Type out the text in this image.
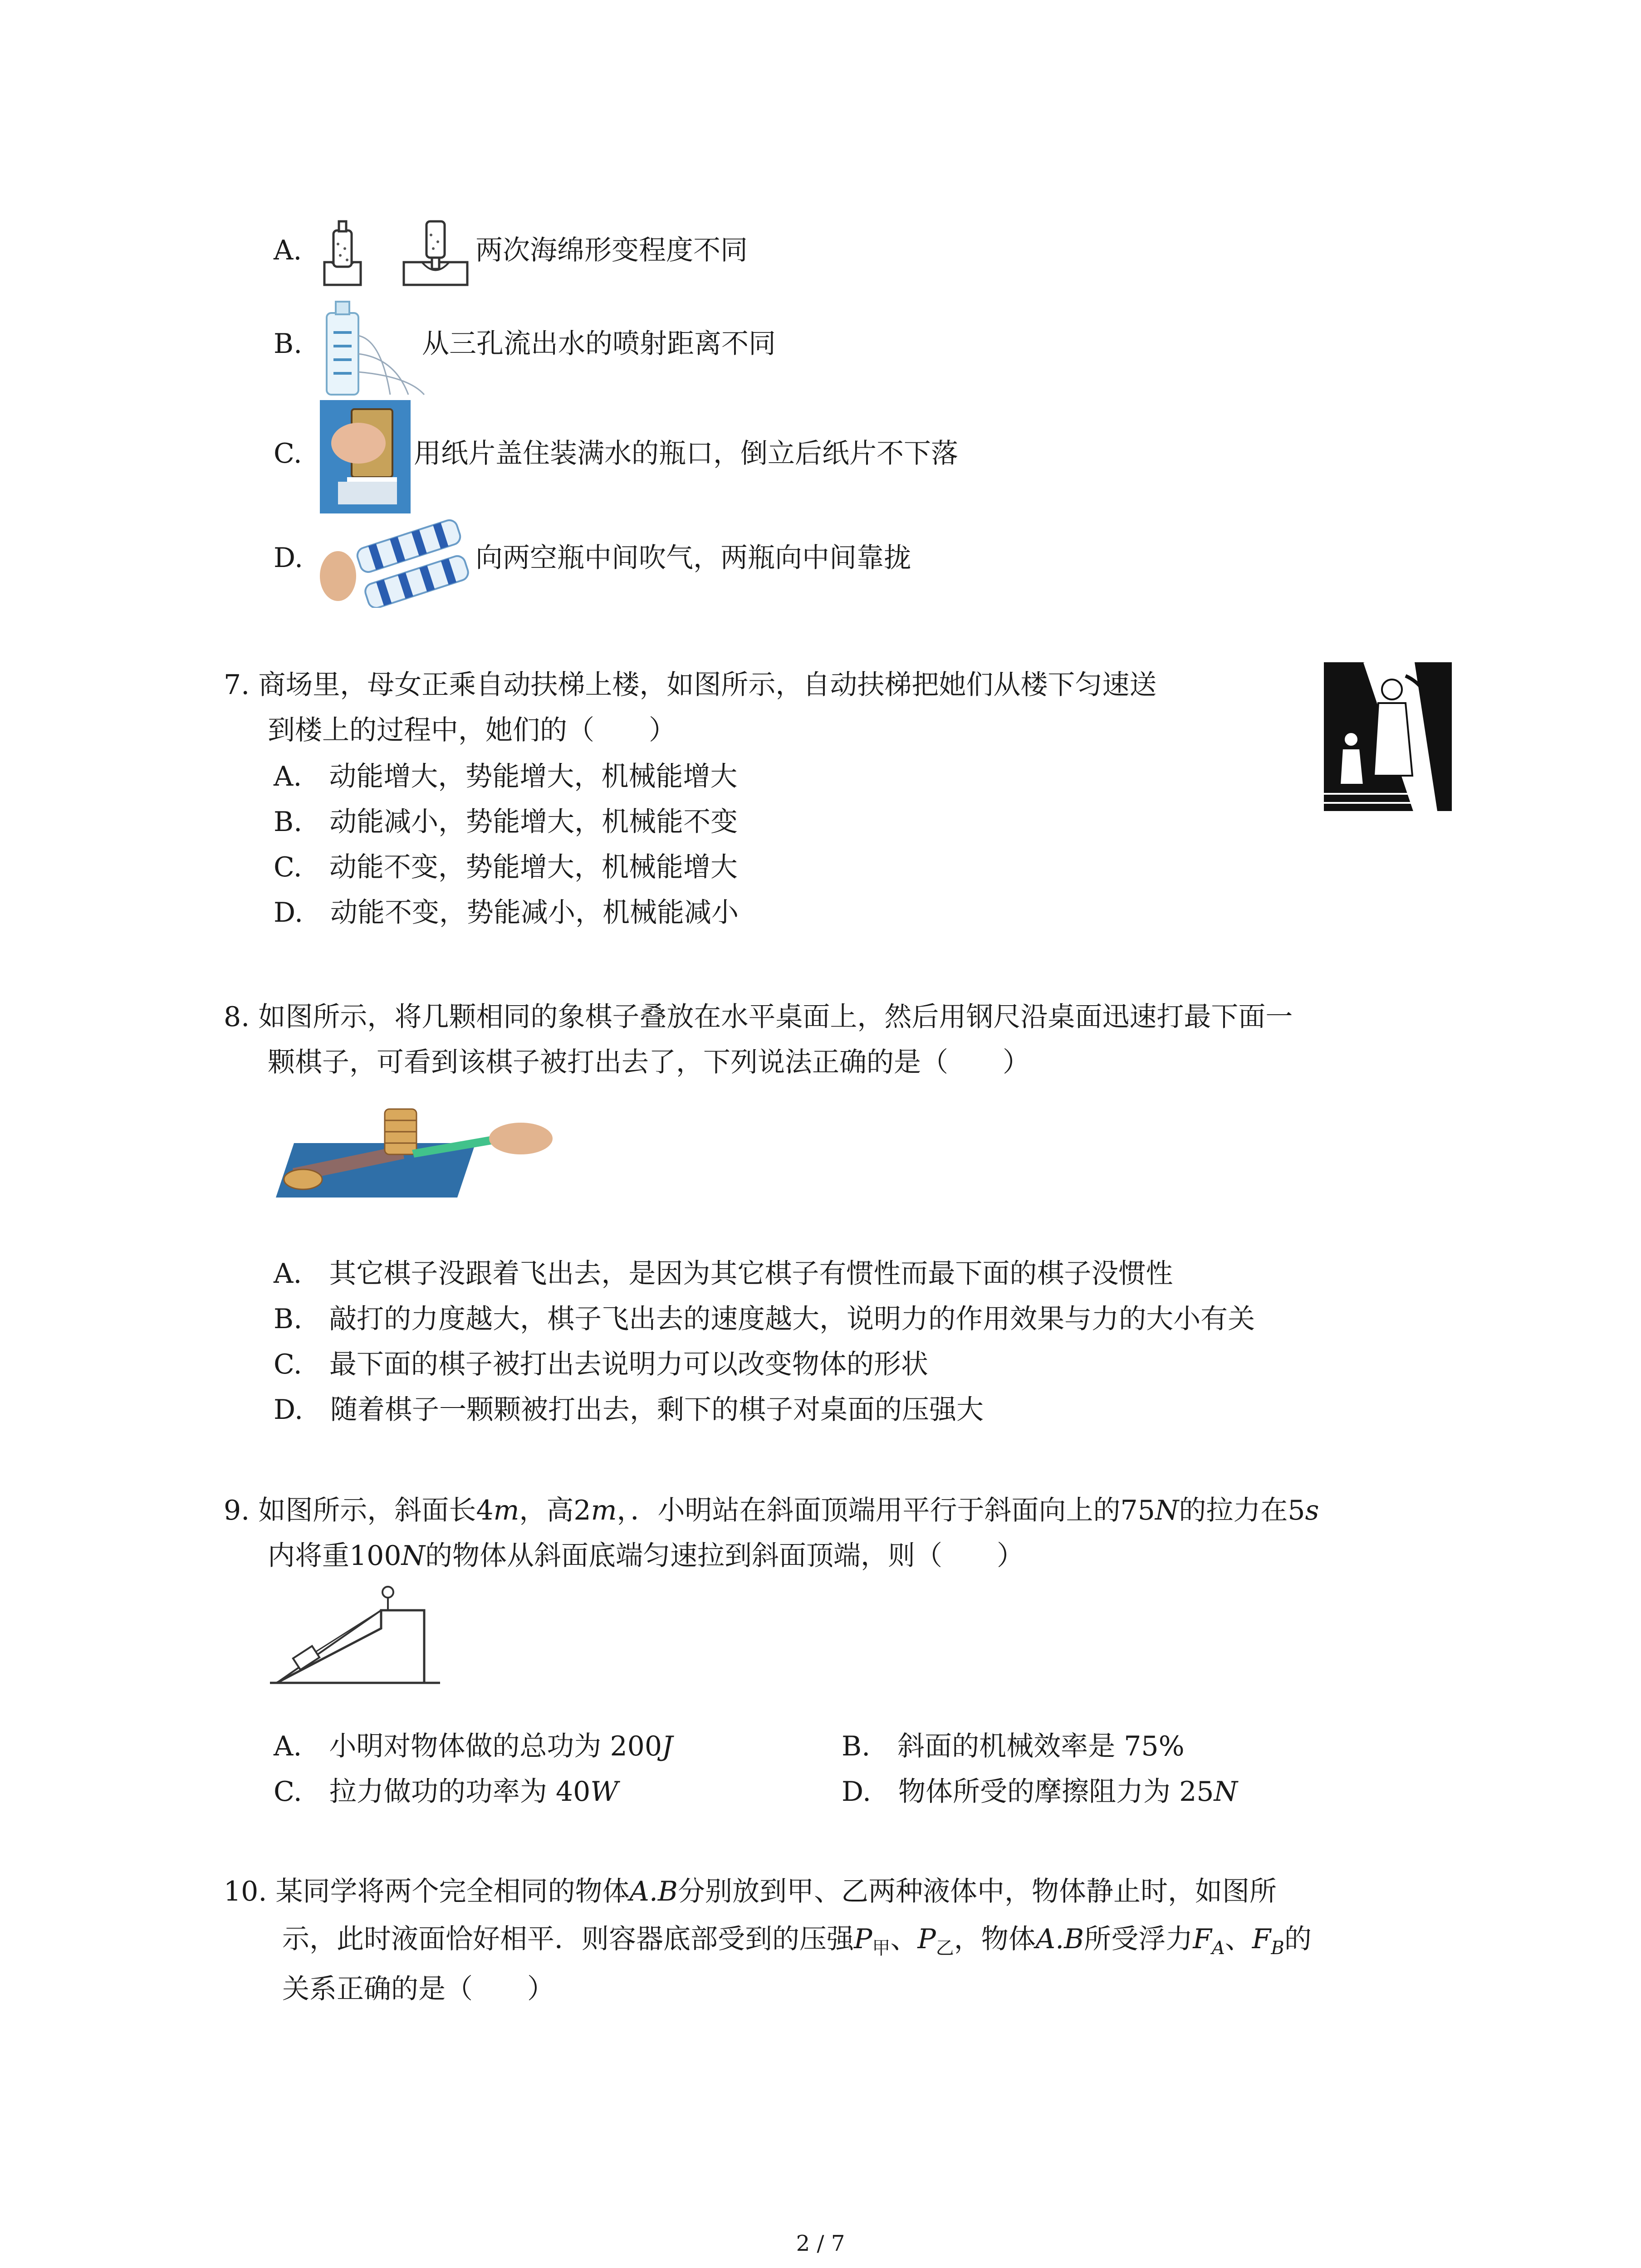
A.	两次海绵形变程度不同
B.	从三孔流出水的喷射距离不同
C.	用纸片盖住装满水的瓶口，倒立后纸片不下落
D.	向两空瓶中间吹气，两瓶向中间靠拢
7. 商场里，母女正乘自动扶梯上楼，如图所示，自动扶梯把她们从楼下匀速送
到楼上的过程中，她们的（　　）
A.　 动能增大，势能增大，机械能增大
B.　 动能减小，势能增大，机械能不变
C.　 动能不变，势能增大，机械能增大
D.　 动能不变，势能减小，机械能减小
8. 如图所示，将几颗相同的象棋子叠放在水平桌面上，然后用钢尺沿桌面迅速打最下面一
颗棋子，可看到该棋子被打出去了，下列说法正确的是（　　）
A.　 其它棋子没跟着飞出去，是因为其它棋子有惯性而最下面的棋子没惯性
B.　 敲打的力度越大，棋子飞出去的速度越大，说明力的作用效果与力的大小有关
C.　 最下面的棋子被打出去说明力可以改变物体的形状
D.　 随着棋子一颗颗被打出去，剩下的棋子对桌面的压强大
9. 如图所示，斜面长4m，高2m，．小明站在斜面顶端用平行于斜面向上的75N的拉力在5s
内将重100N的物体从斜面底端匀速拉到斜面顶端，则（　　）
A.　 小明对物体做的总功为 200J	B.　 斜面的机械效率是 75%
C.　 拉力做功的功率为 40W	D.　 物体所受的摩擦阻力为 25N
10. 某同学将两个完全相同的物体A.B分别放到甲、乙两种液体中，物体静止时，如图所
示，此时液面恰好相平．则容器底部受到的压强$P_甲$、$P_乙$，物体A.B所受浮力$F_A$、$F_B$的
关系正确的是（　　）
2 / 7
